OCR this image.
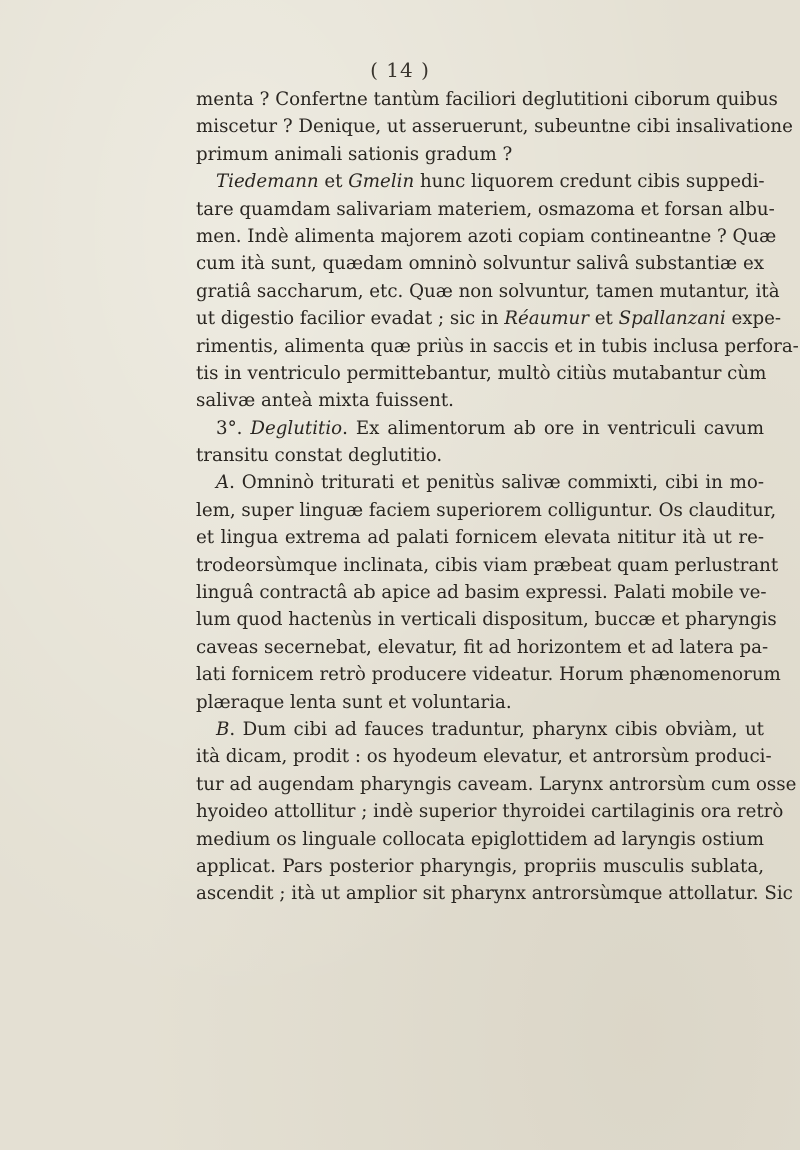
( 14 )
menta ? Confertne tantùm faciliori deglutitioni ciborum quibus
miscetur ? Denique, ut asseruerunt, subeuntne cibi insalivatione
primum animali sationis gradum ?
Tiedemann et Gmelin hunc liquorem credunt cibis suppedi-
tare quamdam salivariam materiem, osmazoma et forsan albu-
men. Indè alimenta majorem azoti copiam contineantne ? Quæ
cum ità sunt, quædam omninò solvuntur salivâ substantiæ ex
gratiâ saccharum, etc. Quæ non solvuntur, tamen mutantur, ità
ut digestio facilior evadat ; sic in Réaumur et Spallanzani expe-
rimentis, alimenta quæ priùs in saccis et in tubis inclusa perfora-
tis in ventriculo permittebantur, multò citiùs mutabantur cùm
salivæ anteà mixta fuissent.
3°. Deglutitio. Ex alimentorum ab ore in ventriculi cavum
transitu constat deglutitio.
A. Omninò triturati et penitùs salivæ commixti, cibi in mo-
lem, super linguæ faciem superiorem colliguntur. Os clauditur,
et lingua extrema ad palati fornicem elevata nititur ità ut re-
trodeorsùmque inclinata, cibis viam præbeat quam perlustrant
linguâ contractâ ab apice ad basim expressi. Palati mobile ve-
lum quod hactenùs in verticali dispositum, buccæ et pharyngis
caveas secernebat, elevatur, fit ad horizontem et ad latera pa-
lati fornicem retrò producere videatur. Horum phænomenorum
plæraque lenta sunt et voluntaria.
B. Dum cibi ad fauces traduntur, pharynx cibis obviàm, ut
ità dicam, prodit : os hyodeum elevatur, et antrorsùm produci-
tur ad augendam pharyngis caveam. Larynx antrorsùm cum osse
hyoideo attollitur ; indè superior thyroidei cartilaginis ora retrò
medium os linguale collocata epiglottidem ad laryngis ostium
applicat. Pars posterior pharyngis, propriis musculis sublata,
ascendit ; ità ut amplior sit pharynx antrorsùmque attollatur. Sic
